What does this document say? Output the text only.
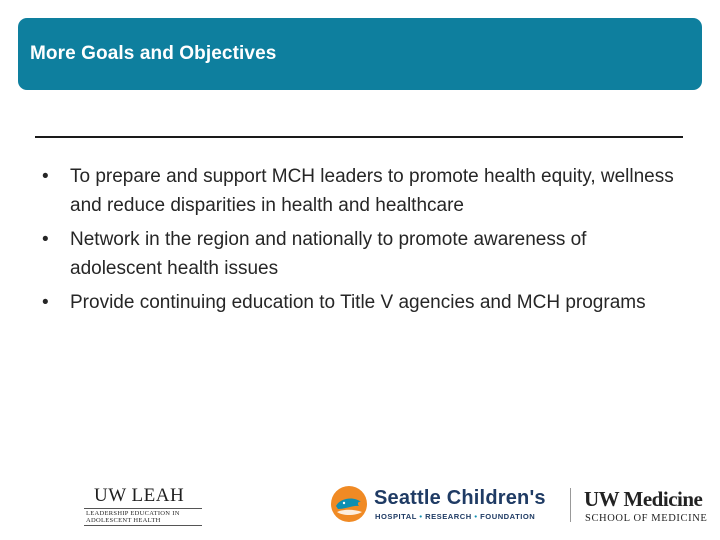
More Goals and Objectives
• To prepare and support MCH leaders to promote health equity, wellness and reduce disparities in health and healthcare
• Network in the region and nationally to promote awareness of adolescent health issues
• Provide continuing education to Title V agencies and MCH programs
UW LEAH
LEADERSHIP EDUCATION IN
ADOLESCENT HEALTH
Seattle Children's
HOSPITAL • RESEARCH • FOUNDATION
UW Medicine
SCHOOL OF MEDICINE
